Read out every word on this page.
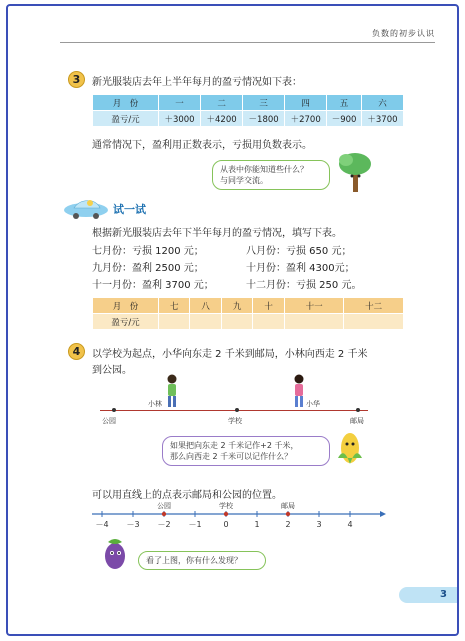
负数的初步认识
3	新光服装店去年上半年每月的盈亏情况如下表：
月　份	一	二	三	四	五	六
盈亏/元	＋3000	＋4200	－1800	＋2700	－900	＋3700
通常情况下，盈利用正数表示，亏损用负数表示。
从表中你能知道些什么？
与同学交流。
试一试
根据新光服装店去年下半年每月的盈亏情况，填写下表。
七月份：亏损 1200 元；	八月份：亏损 650 元；
九月份：盈利 2500 元；	十月份：盈利 4300元；
十一月份：盈利 3700 元；	十二月份：亏损 250 元。
月　份	七	八	九	十	十一	十二
盈亏/元						
4	以学校为起点，小华向东走 2 千米到邮局，小林向西走 2 千米
到公园。
公园	学校	邮局
小林	小华
如果把向东走 2 千米记作+2 千米，
那么向西走 2 千米可以记作什么？
可以用直线上的点表示邮局和公园的位置。
－4 －3 －2 －1	0	1	2	3	4
公园	学校	邮局
看了上图，你有什么发现？
3
